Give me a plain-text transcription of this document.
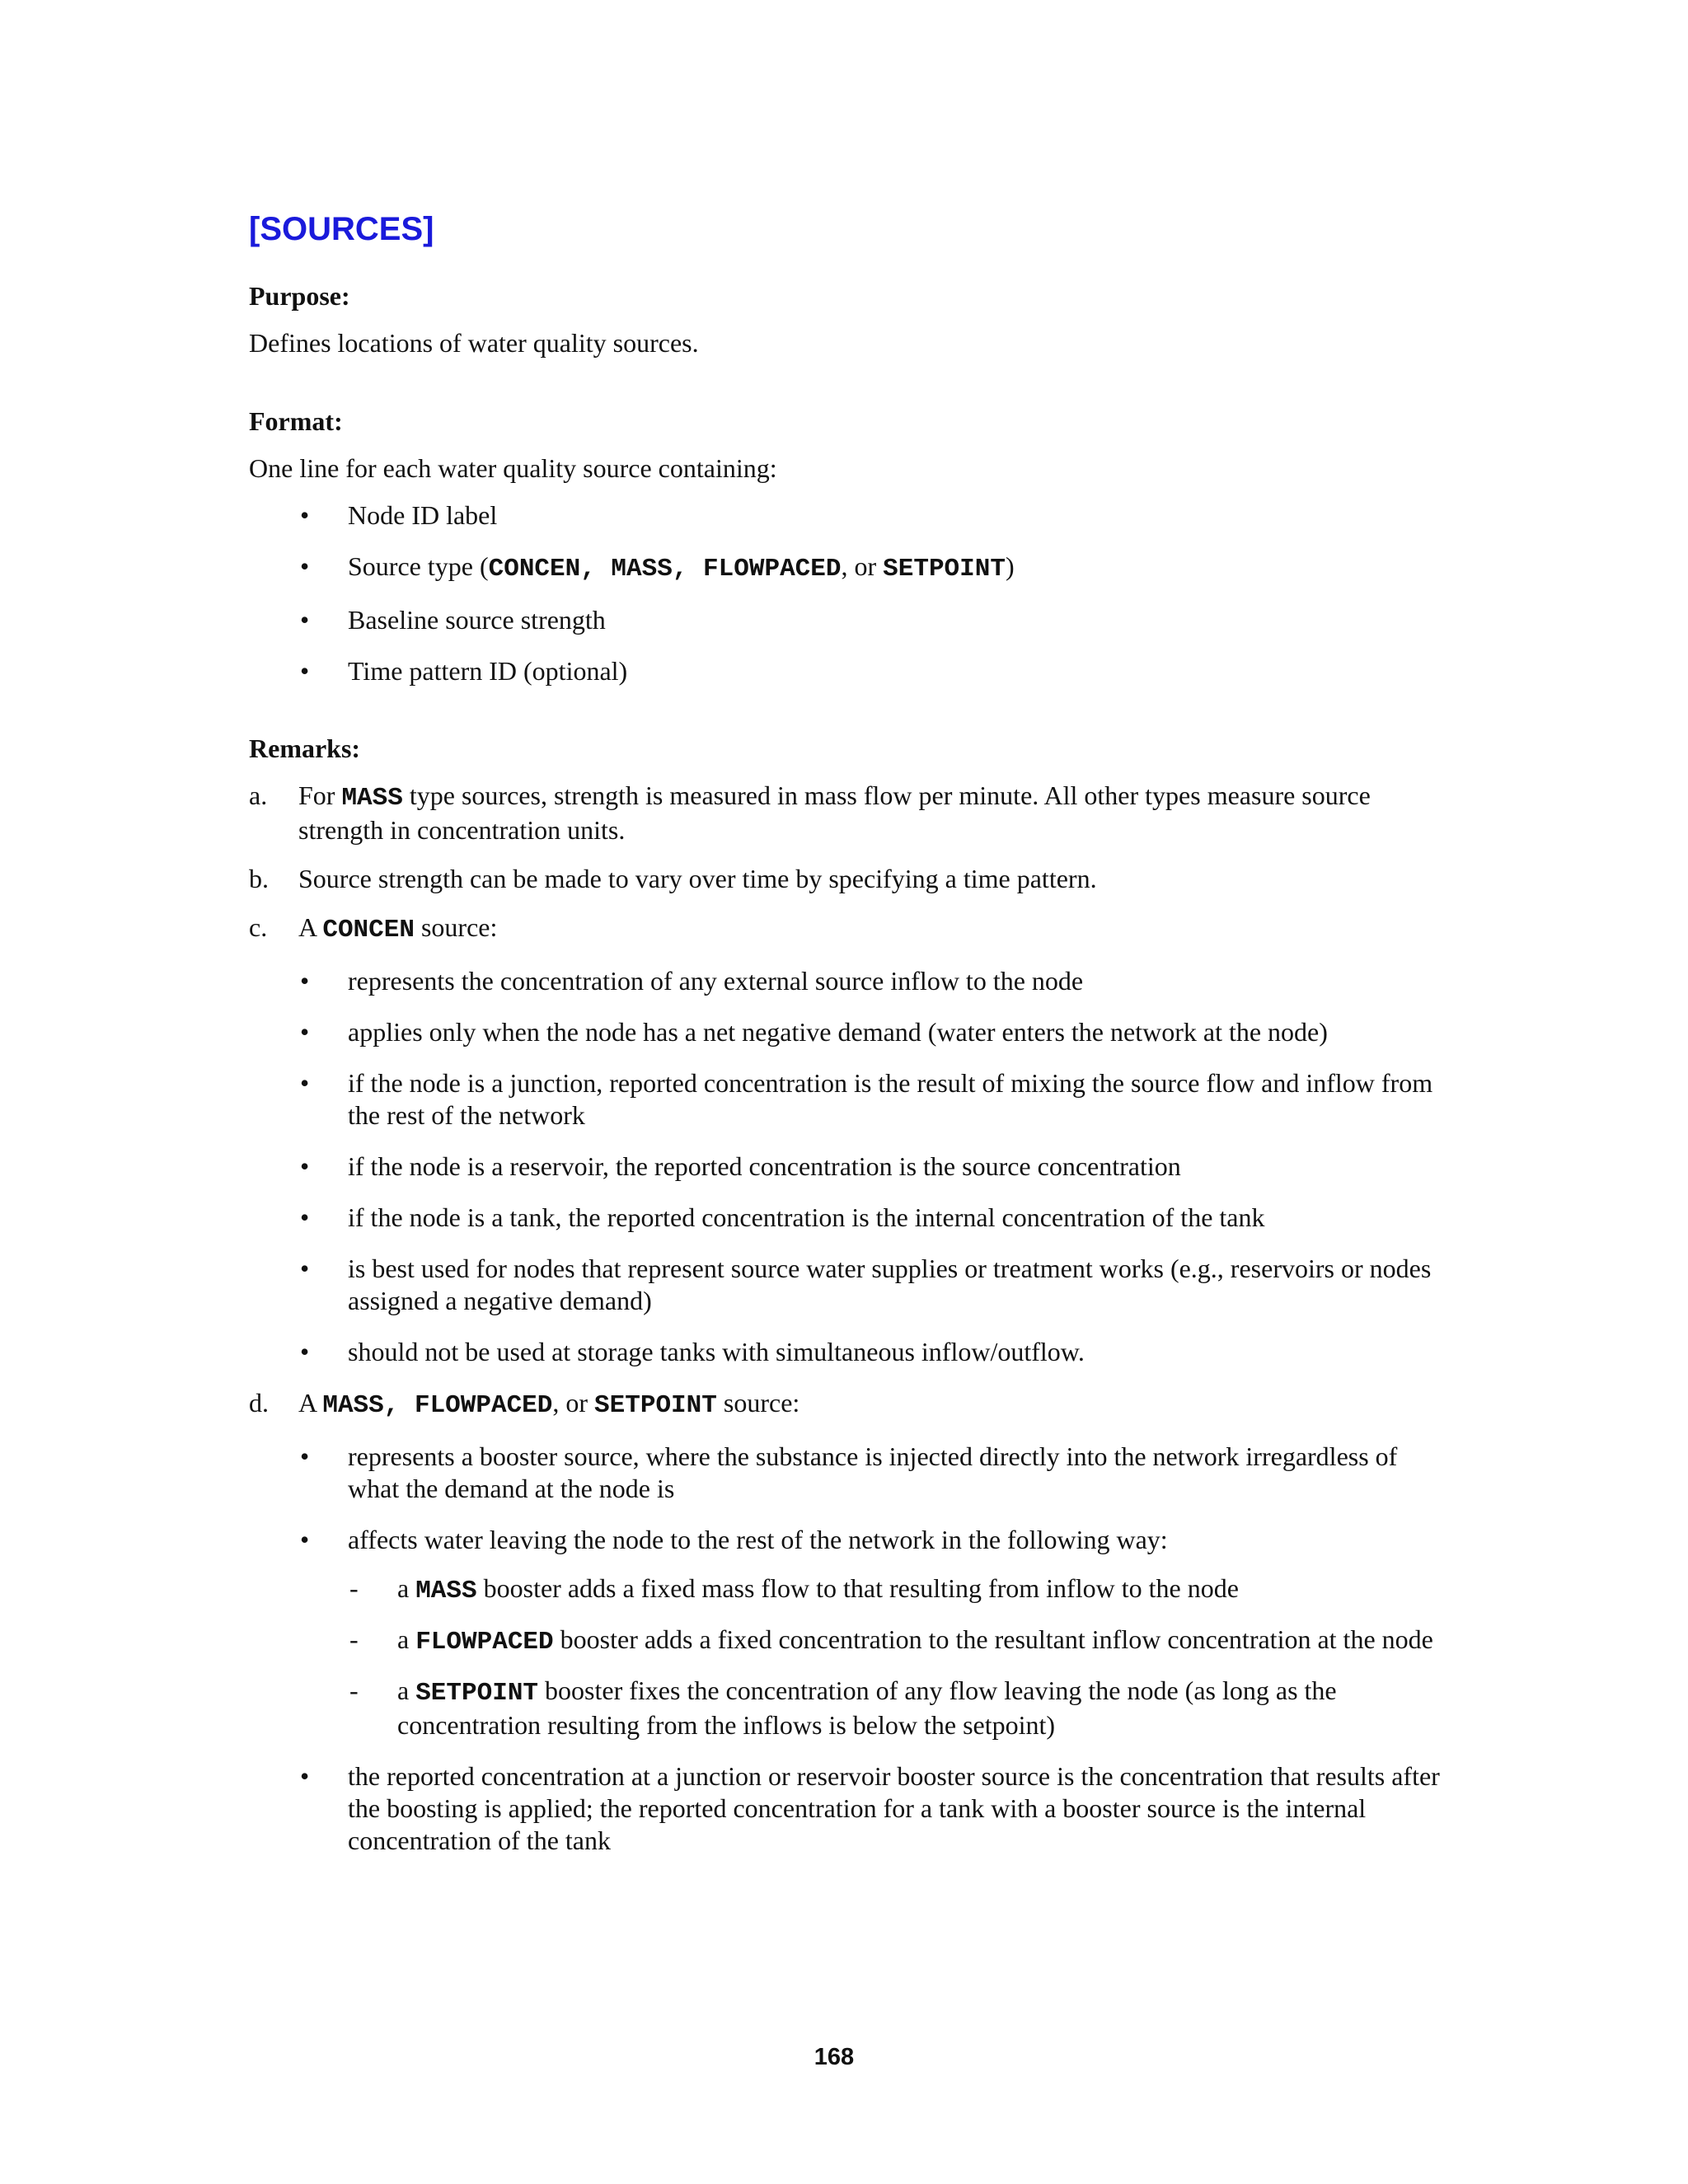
[SOURCES]

Purpose:

Defines locations of water quality sources.

Format:

One line for each water quality source containing:

• Node ID label
• Source type (CONCEN, MASS, FLOWPACED, or SETPOINT)
• Baseline source strength
• Time pattern ID (optional)

Remarks:

a. For MASS type sources, strength is measured in mass flow per minute. All other types measure source strength in concentration units.
b. Source strength can be made to vary over time by specifying a time pattern.
c. A CONCEN source:
• represents the concentration of any external source inflow to the node
• applies only when the node has a net negative demand (water enters the network at the node)
• if the node is a junction, reported concentration is the result of mixing the source flow and inflow from the rest of the network
• if the node is a reservoir, the reported concentration is the source concentration
• if the node is a tank, the reported concentration is the internal concentration of the tank
• is best used for nodes that represent source water supplies or treatment works (e.g., reservoirs or nodes assigned a negative demand)
• should not be used at storage tanks with simultaneous inflow/outflow.
d. A MASS, FLOWPACED, or SETPOINT source:
• represents a booster source, where the substance is injected directly into the network irregardless of what the demand at the node is
• affects water leaving the node to the rest of the network in the following way:
- a MASS booster adds a fixed mass flow to that resulting from inflow to the node
- a FLOWPACED booster adds a fixed concentration to the resultant inflow concentration at the node
- a SETPOINT booster fixes the concentration of any flow leaving the node (as long as the concentration resulting from the inflows is below the setpoint)
• the reported concentration at a junction or reservoir booster source is the concentration that results after the boosting is applied; the reported concentration for a tank with a booster source is the internal concentration of the tank
168
